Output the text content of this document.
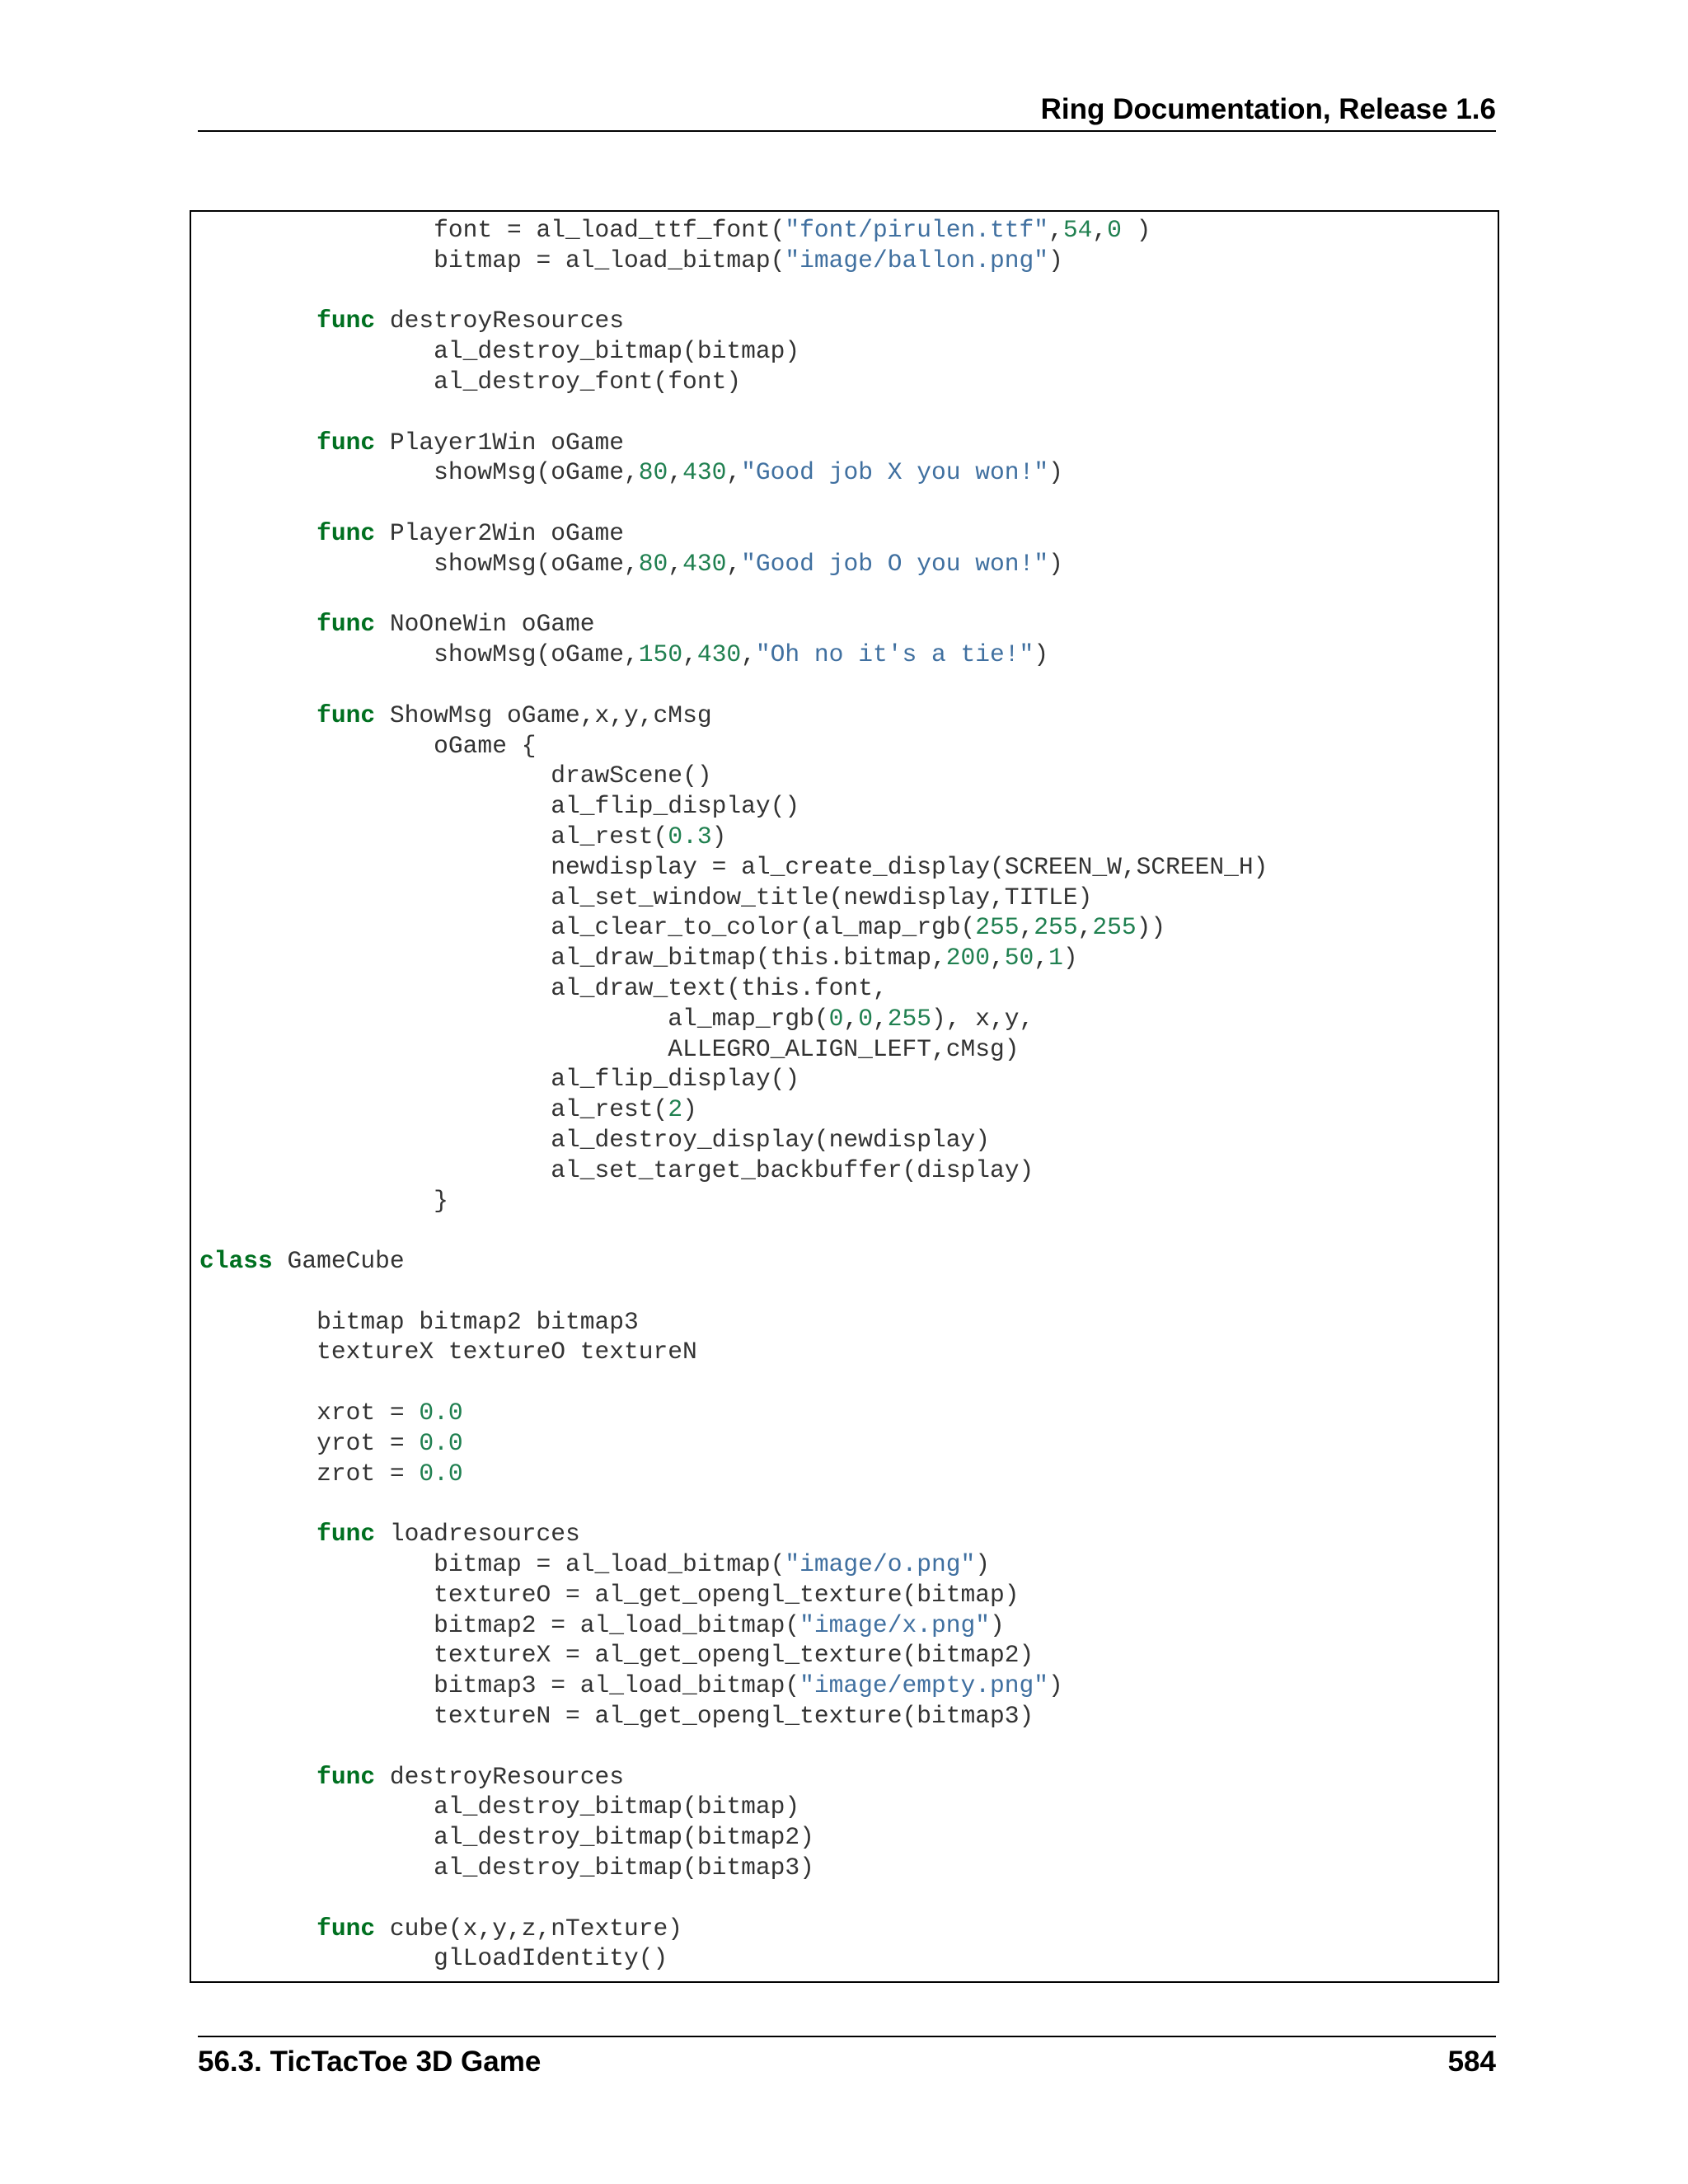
Ring Documentation, Release 1.6
		font = al_load_ttf_font("font/pirulen.ttf",54,0 )
		bitmap = al_load_bitmap("image/ballon.png")
	func destroyResources
		al_destroy_bitmap(bitmap)
		al_destroy_font(font)
	func Player1Win oGame
		showMsg(oGame,80,430,"Good job X you won!")
	func Player2Win oGame
		showMsg(oGame,80,430,"Good job O you won!")
	func NoOneWin oGame
		showMsg(oGame,150,430,"Oh no it's a tie!")
	func ShowMsg oGame,x,y,cMsg
		oGame {
			drawScene()
			al_flip_display()
			al_rest(0.3)
			newdisplay = al_create_display(SCREEN_W,SCREEN_H)
			al_set_window_title(newdisplay,TITLE)
			al_clear_to_color(al_map_rgb(255,255,255))
			al_draw_bitmap(this.bitmap,200,50,1)
			al_draw_text(this.font,
				al_map_rgb(0,0,255), x,y,
				ALLEGRO_ALIGN_LEFT,cMsg)
			al_flip_display()
			al_rest(2)
			al_destroy_display(newdisplay)
			al_set_target_backbuffer(display)
		}
class GameCube
	bitmap bitmap2 bitmap3
	textureX textureO textureN
	xrot = 0.0
	yrot = 0.0
	zrot = 0.0
	func loadresources
		bitmap = al_load_bitmap("image/o.png")
		textureO = al_get_opengl_texture(bitmap)
		bitmap2 = al_load_bitmap("image/x.png")
		textureX = al_get_opengl_texture(bitmap2)
		bitmap3 = al_load_bitmap("image/empty.png")
		textureN = al_get_opengl_texture(bitmap3)
	func destroyResources
		al_destroy_bitmap(bitmap)
		al_destroy_bitmap(bitmap2)
		al_destroy_bitmap(bitmap3)
	func cube(x,y,z,nTexture)
		glLoadIdentity()
56.3. TicTacToe 3D Game	584
